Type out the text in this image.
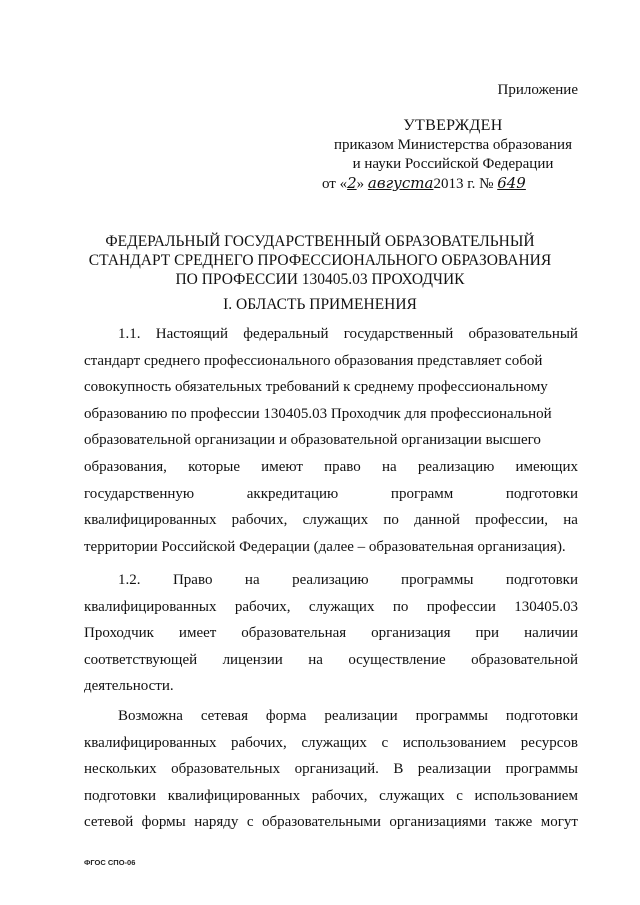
Приложение
УТВЕРЖДЕН
приказом Министерства образования
и науки Российской Федерации
от «2» августа2013 г. № 649
ФЕДЕРАЛЬНЫЙ ГОСУДАРСТВЕННЫЙ ОБРАЗОВАТЕЛЬНЫЙ
СТАНДАРТ СРЕДНЕГО ПРОФЕССИОНАЛЬНОГО ОБРАЗОВАНИЯ
ПО ПРОФЕССИИ 130405.03 ПРОХОДЧИК
I. ОБЛАСТЬ ПРИМЕНЕНИЯ
1.1. Настоящий федеральный государственный образовательный
стандарт среднего профессионального образования представляет собой
совокупность обязательных требований к среднему профессиональному
образованию по профессии 130405.03 Проходчик для профессиональной
образовательной организации и образовательной организации высшего
образования, которые имеют право на реализацию имеющих
государственную	аккредитацию	программ	подготовки
квалифицированных рабочих, служащих по данной профессии, на
территории Российской Федерации (далее – образовательная организация).
1.2. Право на реализацию программы подготовки
квалифицированных рабочих, служащих по профессии 130405.03
Проходчик имеет образовательная организация при наличии
соответствующей лицензии на осуществление образовательной
деятельности.
Возможна сетевая форма реализации программы подготовки
квалифицированных рабочих, служащих с использованием ресурсов
нескольких образовательных организаций. В реализации программы
подготовки квалифицированных рабочих, служащих с использованием
сетевой формы наряду с образовательными организациями также могут
ФГОС СПО-06
